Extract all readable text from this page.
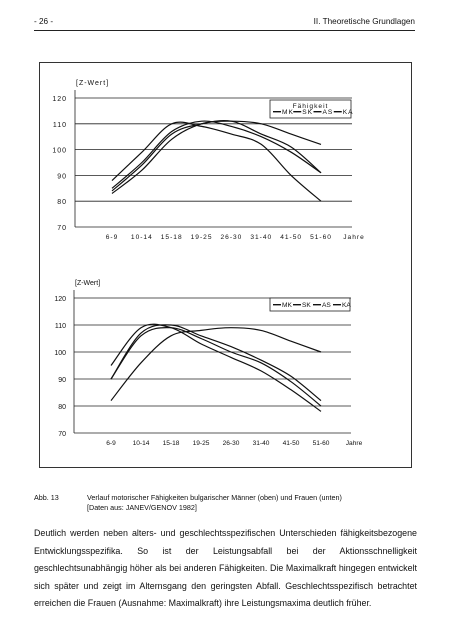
- 26 -	II. Theoretische Grundlagen
120
110
100
90
80
70
[Z-Wert]
6-9 10-14 15-18 19-25 26-30 31-40 41-50 51-60 Jahre
Fähigkeit
MK SK AS KA
120
110
100
90
80
70
[Z-Wert]
6-9	10-14 15-18 19-25 26-30 31-40 41-50 51-60 Jahre
MK SK AS KA
Abb. 13	Verlauf motorischer Fähigkeiten bulgarischer Männer (oben) und Frauen (unten)
[Daten aus: JANEV/GENOV 1982]

Deutlich werden neben alters- und geschlechtsspezifischen Unterschieden fähigkeitsbezogene Entwicklungsspezifika. So ist der Leistungsabfall bei der Aktionsschnelligkeit geschlechtsunabhängig höher als bei anderen Fähigkeiten. Die Maximalkraft hingegen entwickelt sich später und zeigt im Alternsgang den geringsten Abfall. Geschlechtsspezifisch betrachtet erreichen die Frauen (Ausnahme: Maximalkraft) ihre Leistungsmaxima deutlich früher.
